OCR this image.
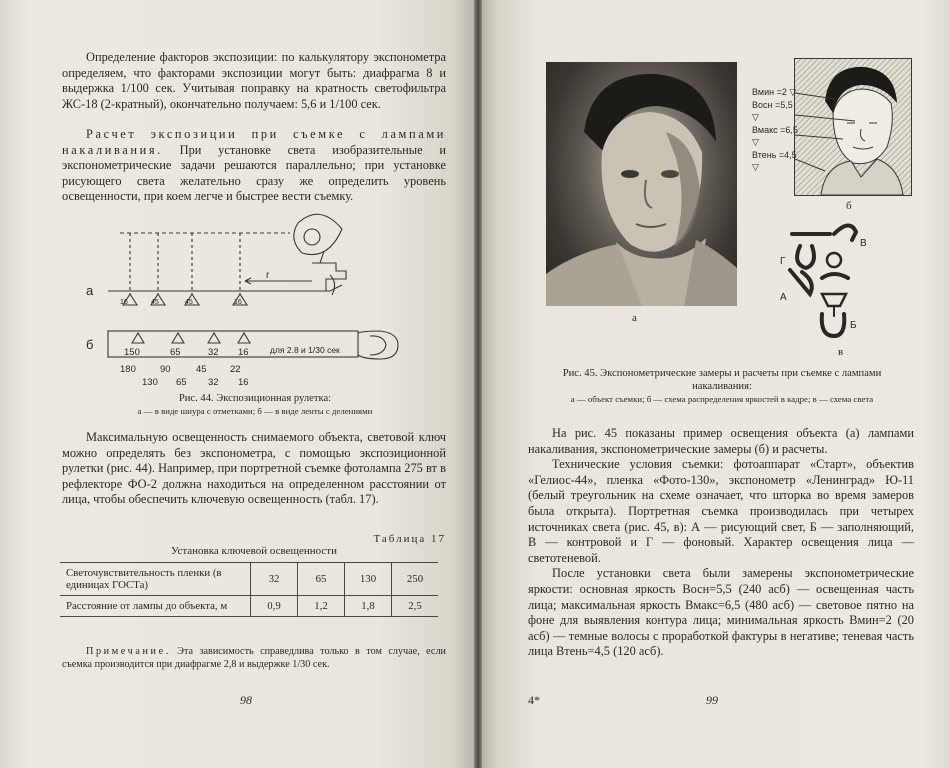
Определение факторов экспозиции: по калькулятору экспонометра определяем, что факторами экспозиции могут быть: диафрагма 8 и выдержка 1/100 сек. Учитывая поправку на кратность светофильтра ЖС-18 (2-кратный), окончательно получаем: 5,6 и 1/100 сек.

Расчет экспозиции при съемке с лампами накаливания. При установке света изобразительные и экспонометрические задачи решаются параллельно; при установке рисующего света желательно сразу же определить уровень освещенности, при коем легче и быстрее вести съемку.

16	45	45	16
а
r
б
150	65	32 16	для 2.8 и 1/30 сек
180	90	45 22
130 65 32 16
Рис. 44. Экспозиционная рулетка:
а — в виде шнура с отметками; б — в виде ленты с делениями

Максимальную освещенность снимаемого объекта, световой ключ можно определять без экспонометра, с помощью экспозиционной рулетки (рис. 44). Например, при портретной съемке фотолампа 275 вт в рефлекторе ФО-2 должна находиться на определенном расстоянии от лица, чтобы обеспечить ключевую освещенность (табл. 17).

Таблица 17
Установка ключевой освещенности
Светочувствительность пленки (в единицах ГОСТа)	32	65	130	250
Расстояние от лампы до объекта, м	0,9	1,2	1,8	2,5

Примечание. Эта зависимость справедлива только в том случае, если съемка производится при диафрагме 2,8 и выдержке 1/30 сек.

98
а
Вмин =2 ▽
Восн =5,5 ▽
Вмакс =6,5 ▽
Втень =4,5 ▽
б
В
Г
А
Б
в
Рис. 45. Экспонометрические замеры и расчеты при съемке с лампами накаливания:
а — объект съемки; б — схема распределения яркостей в кадре; в — схема света

На рис. 45 показаны пример освещения объекта (а) лампами накаливания, экспонометрические замеры (б) и расчеты.

Технические условия съемки: фотоаппарат «Старт», объектив «Гелиос-44», пленка «Фото-130», экспонометр «Ленинград» Ю-11 (белый треугольник на схеме означает, что шторка во время замеров была открыта). Портретная съемка производилась при четырех источниках света (рис. 45, в): А — рисующий свет, Б — заполняющий, В — контровой и Г — фоновый. Характер освещения лица — светотеневой.

После установки света были замерены экспонометрические яркости: основная яркость Восн=5,5 (240 асб) — освещенная часть лица; максимальная яркость Вмакс=6,5 (480 асб) — световое пятно на фоне для выявления контура лица; минимальная яркость Вмин=2 (20 асб) — темные волосы с проработкой фактуры в негативе; теневая часть лица Втень=4,5 (120 асб).

4*	99
